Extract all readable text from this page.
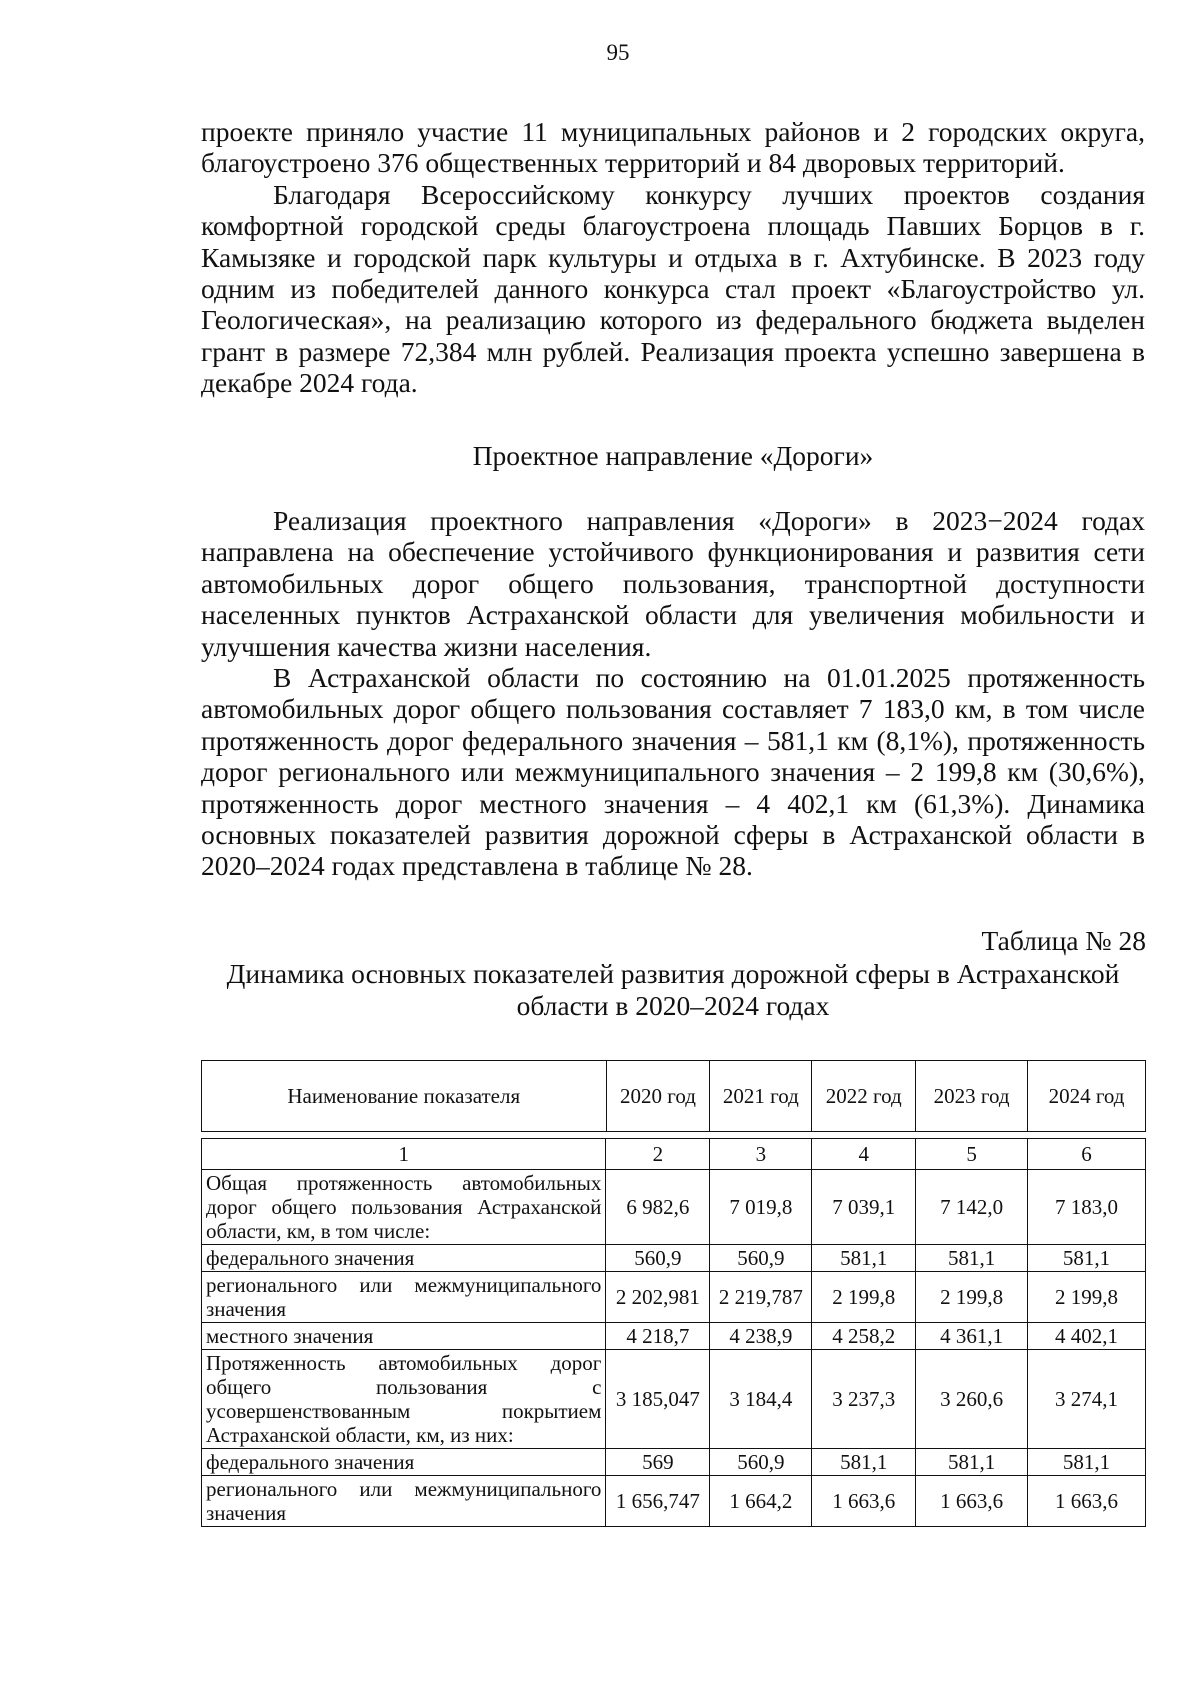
95

проекте приняло участие 11 муниципальных районов и 2 городских округа, благоустроено 376 общественных территорий и 84 дворовых территорий.

Благодаря Всероссийскому конкурсу лучших проектов создания комфортной городской среды благоустроена площадь Павших Борцов в г. Камызяке и городской парк культуры и отдыха в г. Ахтубинске. В 2023 году одним из победителей данного конкурса стал проект «Благоустройство ул. Геологическая», на реализацию которого из федерального бюджета выделен грант в размере 72,384 млн рублей. Реализация проекта успешно завершена в декабре 2024 года.

Проектное направление «Дороги»

Реализация проектного направления «Дороги» в 2023−2024 годах направлена на обеспечение устойчивого функционирования и развития сети автомобильных дорог общего пользования, транспортной доступности населенных пунктов Астраханской области для увеличения мобильности и улучшения качества жизни населения.

В Астраханской области по состоянию на 01.01.2025 протяженность автомобильных дорог общего пользования составляет 7 183,0 км, в том числе протяженность дорог федерального значения – 581,1 км (8,1%), протяженность дорог регионального или межмуниципального значения – 2 199,8 км (30,6%), протяженность дорог местного значения – 4 402,1 км (61,3%). Динамика основных показателей развития дорожной сферы в Астраханской области в 2020–2024 годах представлена в таблице № 28.

Таблица № 28
Динамика основных показателей развития дорожной сферы в Астраханской области в 2020–2024 годах
Наименование показателя	2020 год	2021 год	2022 год	2023 год	2024 год
1	2	3	4	5	6
Общая протяженность автомобильных дорог общего пользования Астраханской области, км, в том числе:	6 982,6	7 019,8	7 039,1	7 142,0	7 183,0
федерального значения	560,9	560,9	581,1	581,1	581,1
регионального или межмуниципального значения	2 202,981	2 219,787	2 199,8	2 199,8	2 199,8
местного значения	4 218,7	4 238,9	4 258,2	4 361,1	4 402,1
Протяженность автомобильных дорог общего пользования с усовершенствованным покрытием Астраханской области, км, из них:	3 185,047	3 184,4	3 237,3	3 260,6	3 274,1
федерального значения	569	560,9	581,1	581,1	581,1
регионального или межмуниципального значения	1 656,747	1 664,2	1 663,6	1 663,6	1 663,6
